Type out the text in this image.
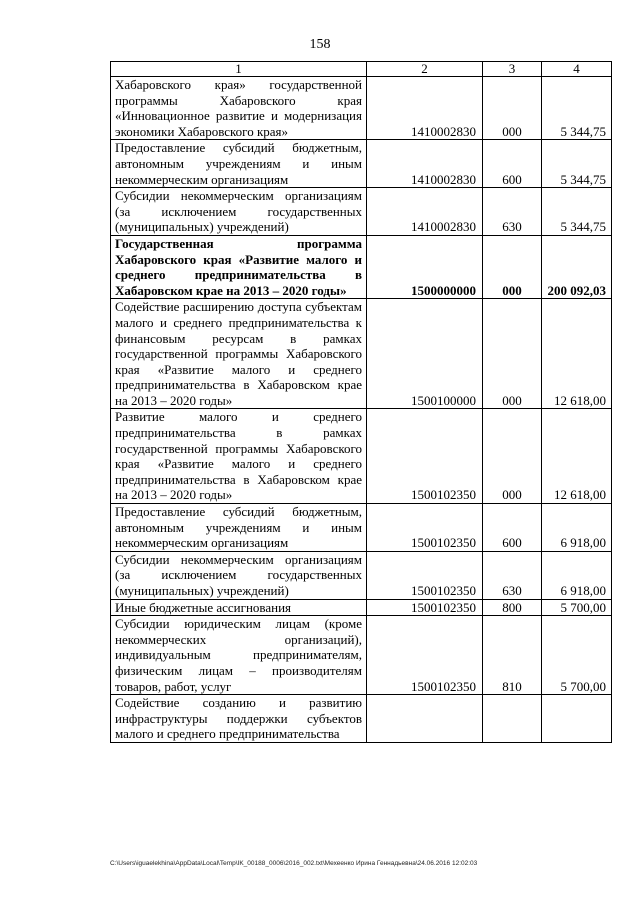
158
1	2	3	4
Хабаровского края» государственной программы Хабаровского края «Инновационное развитие и модернизация экономики Хабаровского края»	1410002830	000	5 344,75
Предоставление субсидий бюджетным, автономным учреждениям и иным некоммерческим организациям	1410002830	600	5 344,75
Субсидии некоммерческим организациям (за исключением государственных (муниципальных) учреждений)	1410002830	630	5 344,75
Государственная программа Хабаровского края «Развитие малого и среднего предпринимательства в Хабаровском крае на 2013 – 2020 годы»	1500000000	000	200 092,03
Содействие расширению доступа субъектам малого и среднего предпринимательства к финансовым ресурсам в рамках государственной программы Хабаровского края «Развитие малого и среднего предпринимательства в Хабаровском крае на 2013 – 2020 годы»	1500100000	000	12 618,00
Развитие малого и среднего предпринимательства в рамках государственной программы Хабаровского края «Развитие малого и среднего предпринимательства в Хабаровском крае на 2013 – 2020 годы»	1500102350	000	12 618,00
Предоставление субсидий бюджетным, автономным учреждениям и иным некоммерческим организациям	1500102350	600	6 918,00
Субсидии некоммерческим организациям (за исключением государственных (муниципальных) учреждений)	1500102350	630	6 918,00
Иные бюджетные ассигнования	1500102350	800	5 700,00
Субсидии юридическим лицам (кроме некоммерческих организаций), индивидуальным предпринимателям, физическим лицам – производителям товаров, работ, услуг	1500102350	810	5 700,00
Содействие созданию и развитию инфраструктуры поддержки субъектов малого и среднего предпринимательства			
C:\Users\iguaelekhina\AppData\Local\Temp\IK_00188_0006\2016_002.txt\Мехеенко Ирина Геннадьевна\24.06.2016 12:02:03
